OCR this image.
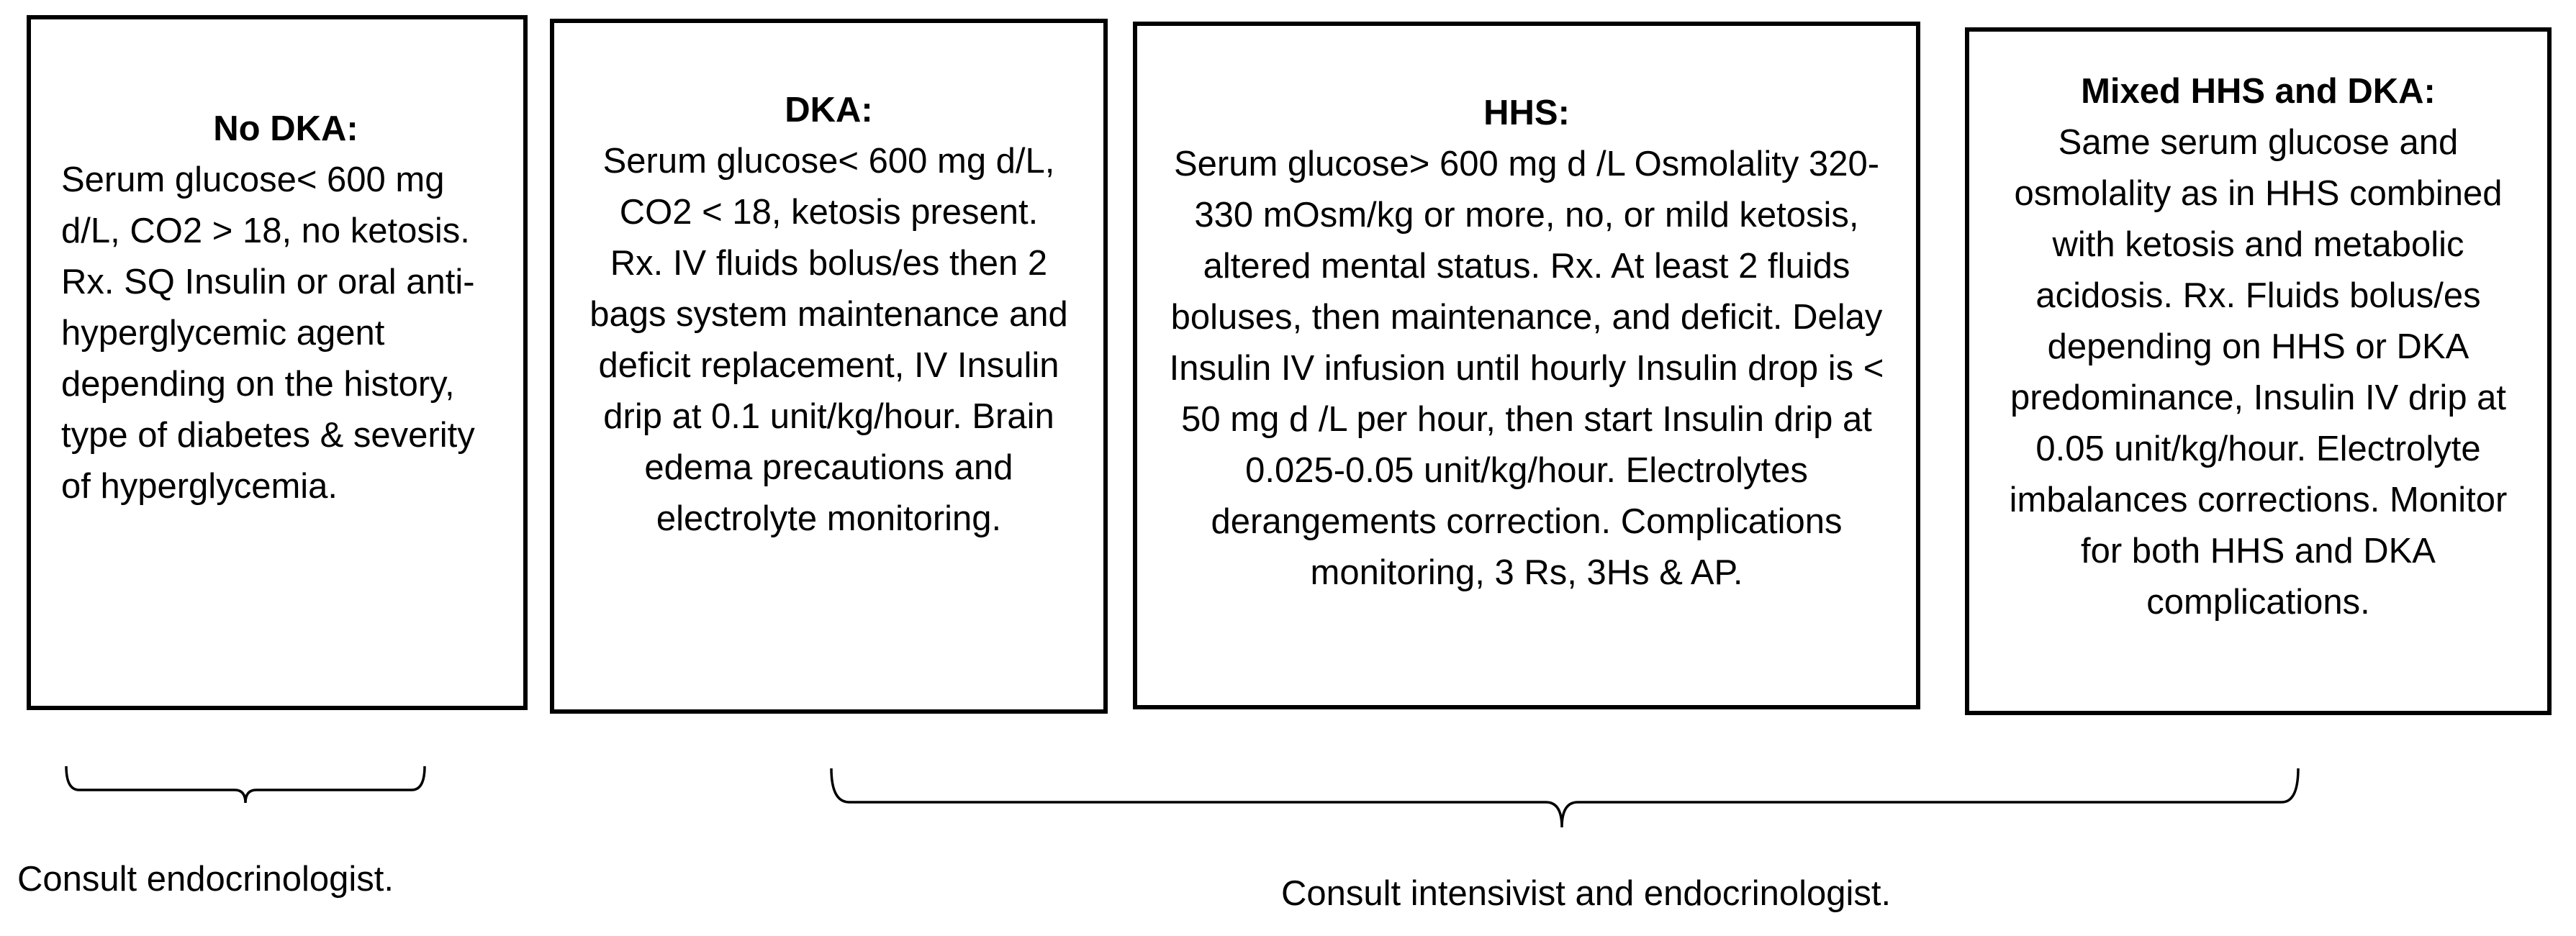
No DKA:
Serum glucose< 600 mg d/L, CO2 > 18, no ketosis. Rx. SQ Insulin or oral anti-hyperglycemic agent depending on the history, type of diabetes & severity of hyperglycemia.
DKA:
Serum glucose< 600 mg d/L, CO2 < 18, ketosis present.
Rx. IV fluids bolus/es then 2 bags system maintenance and deficit replacement, IV Insulin drip at 0.1 unit/kg/hour. Brain edema precautions and electrolyte monitoring.
HHS:
Serum glucose> 600 mg d /L Osmolality 320-330 mOsm/kg or more, no, or mild ketosis, altered mental status. Rx. At least 2 fluids boluses, then maintenance, and deficit. Delay Insulin IV infusion until hourly Insulin drop is < 50 mg d /L per hour, then start Insulin drip at 0.025-0.05 unit/kg/hour. Electrolytes derangements correction. Complications monitoring, 3 Rs, 3Hs & AP.
Mixed HHS and DKA:
Same serum glucose and osmolality as in HHS combined with ketosis and metabolic acidosis. Rx. Fluids bolus/es depending on HHS or DKA predominance, Insulin IV drip at 0.05 unit/kg/hour. Electrolyte imbalances corrections. Monitor for both HHS and DKA complications.
Consult endocrinologist.	Consult intensivist and endocrinologist.
